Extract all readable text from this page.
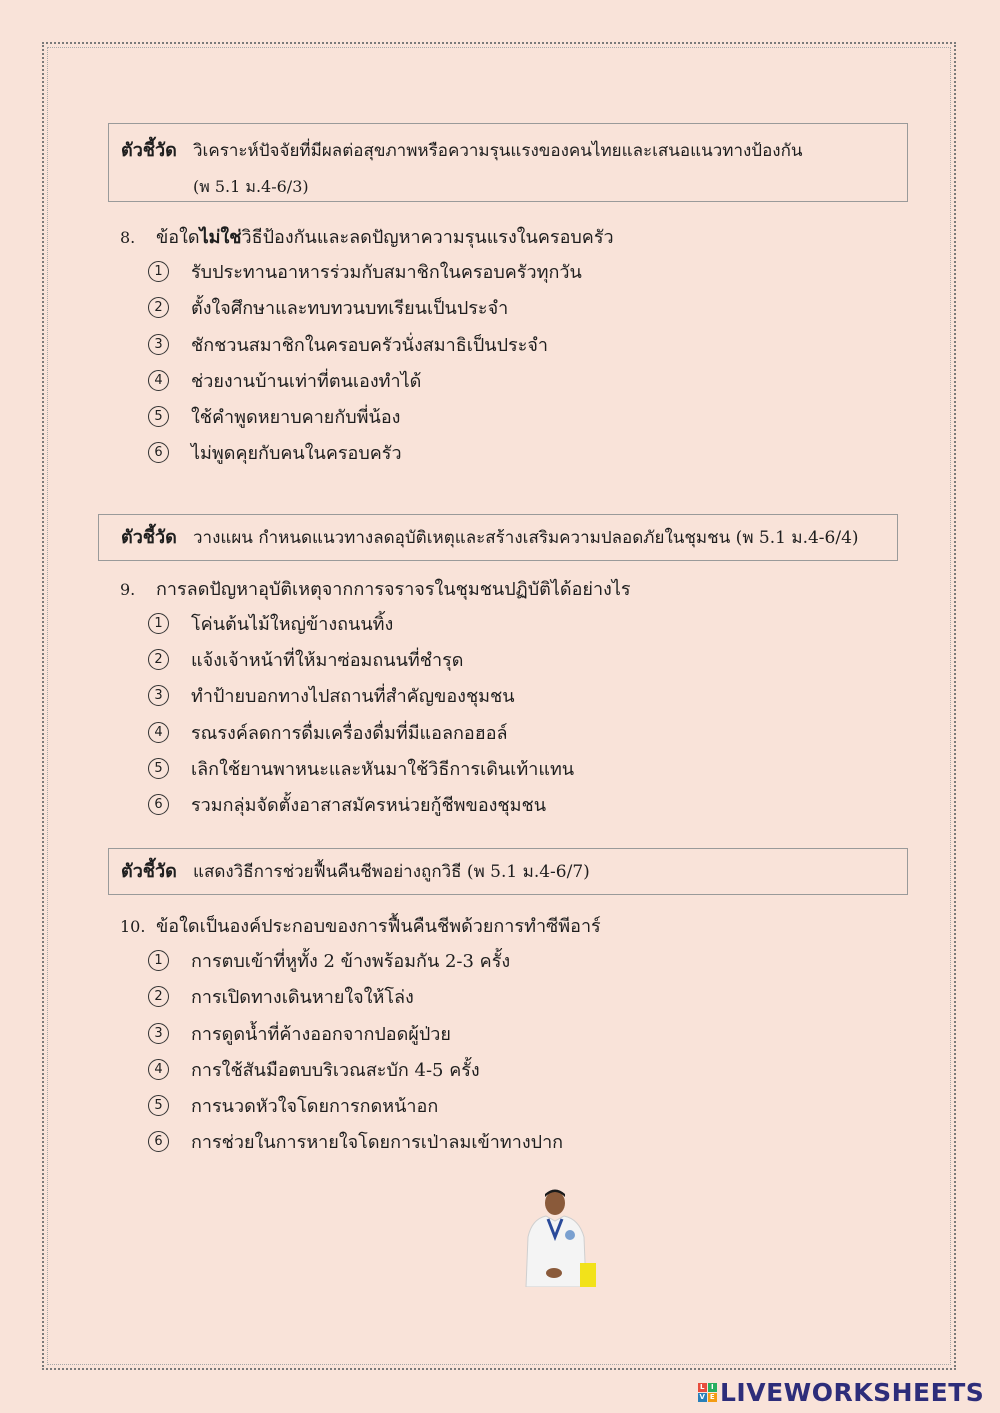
ตัวชี้วัด วิเคราะห์ปัจจัยที่มีผลต่อสุขภาพหรือความรุนแรงของคนไทยและเสนอแนวทางป้องกัน
(พ 5.1 ม.4-6/3)
8. ข้อใดไม่ใช่วิธีป้องกันและลดปัญหาความรุนแรงในครอบครัว
1	รับประทานอาหารร่วมกับสมาชิกในครอบครัวทุกวัน
2	ตั้งใจศึกษาและทบทวนบทเรียนเป็นประจำ
3	ชักชวนสมาชิกในครอบครัวนั่งสมาธิเป็นประจำ
4	ช่วยงานบ้านเท่าที่ตนเองทำได้
5	ใช้คำพูดหยาบคายกับพี่น้อง
6	ไม่พูดคุยกับคนในครอบครัว
ตัวชี้วัด วางแผน กำหนดแนวทางลดอุบัติเหตุและสร้างเสริมความปลอดภัยในชุมชน (พ 5.1 ม.4-6/4)
9. การลดปัญหาอุบัติเหตุจากการจราจรในชุมชนปฏิบัติได้อย่างไร
1	โค่นต้นไม้ใหญ่ข้างถนนทิ้ง
2	แจ้งเจ้าหน้าที่ให้มาซ่อมถนนที่ชำรุด
3	ทำป้ายบอกทางไปสถานที่สำคัญของชุมชน
4	รณรงค์ลดการดื่มเครื่องดื่มที่มีแอลกอฮอล์
5	เลิกใช้ยานพาหนะและหันมาใช้วิธีการเดินเท้าแทน
6	รวมกลุ่มจัดตั้งอาสาสมัครหน่วยกู้ชีพของชุมชน
ตัวชี้วัด แสดงวิธีการช่วยฟื้นคืนชีพอย่างถูกวิธี (พ 5.1 ม.4-6/7)
10. ข้อใดเป็นองค์ประกอบของการฟื้นคืนชีพด้วยการทำซีพีอาร์
1	การตบเข้าที่หูทั้ง 2 ข้างพร้อมกัน 2-3 ครั้ง
2	การเปิดทางเดินหายใจให้โล่ง
3	การดูดน้ำที่ค้างออกจากปอดผู้ป่วย
4	การใช้สันมือตบบริเวณสะบัก 4-5 ครั้ง
5	การนวดหัวใจโดยการกดหน้าอก
6	การช่วยในการหายใจโดยการเป่าลมเข้าทางปาก
L I
V E LIVEWORKSHEETS
